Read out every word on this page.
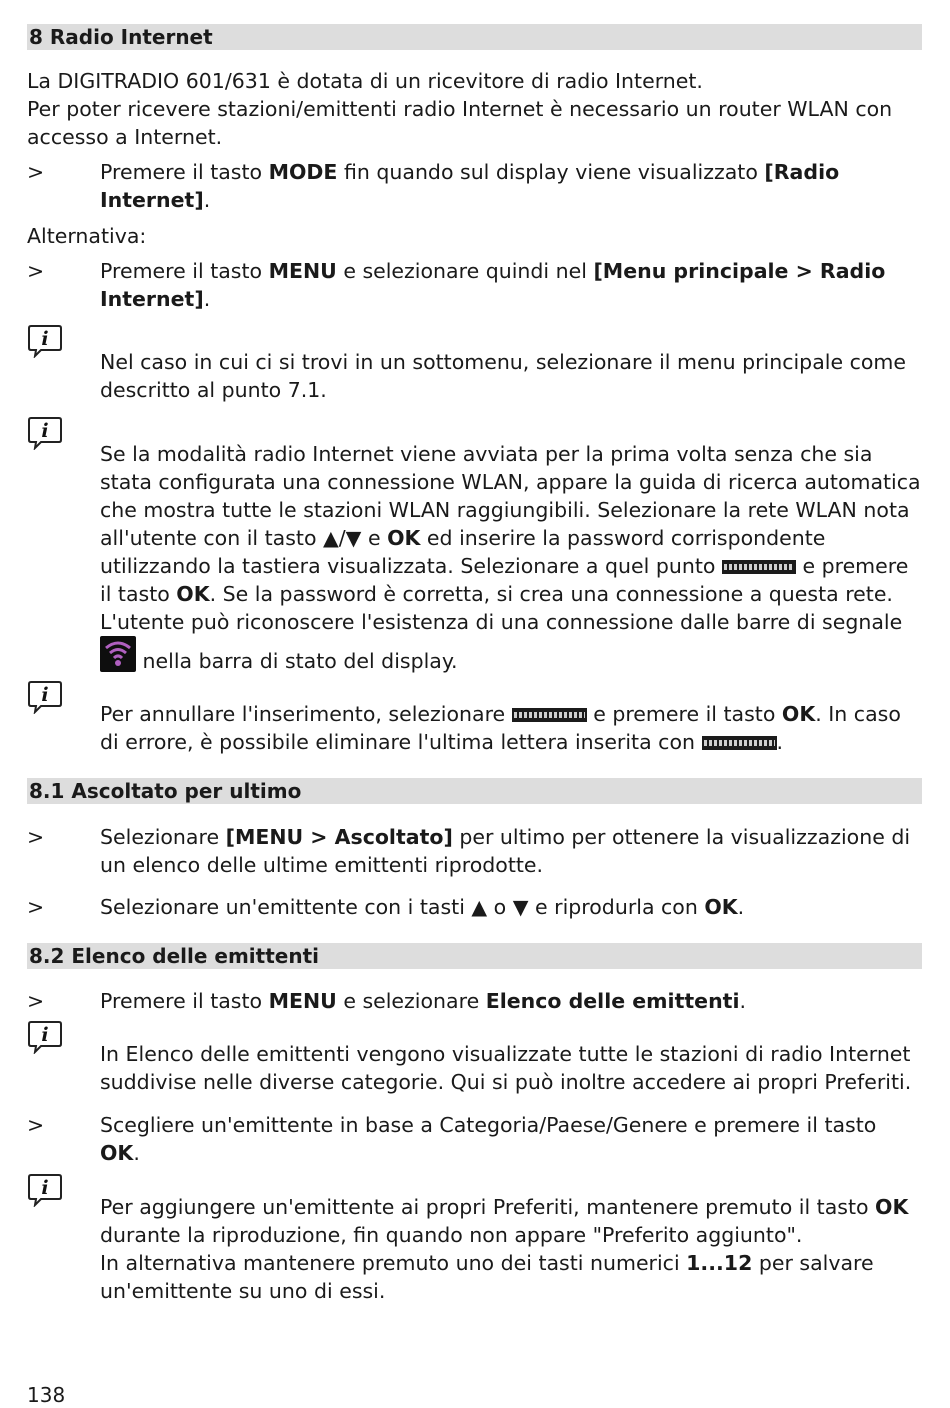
8 Radio Internet
La DIGITRADIO 601/631 è dotata di un ricevitore di radio Internet.
Per poter ricevere stazioni/emittenti radio Internet è necessario un router WLAN con accesso a Internet.
>	Premere il tasto MODE fin quando sul display viene visualizzato [Radio Internet].
Alternativa:
>	Premere il tasto MENU e selezionare quindi nel [Menu principale > Radio Internet].
i
Nel caso in cui ci si trovi in un sottomenu, selezionare il menu principale come descritto al punto 7.1.
i
Se la modalità radio Internet viene avviata per la prima volta senza che sia stata configurata una connessione WLAN, appare la guida di ricerca automatica che mostra tutte le stazioni WLAN raggiungibili. Selezionare la rete WLAN nota all'utente con il tasto ▲/▼ e OK ed inserire la password corrispondente utilizzando la tastiera visualizzata. Selezionare a quel punto	e premere il tasto OK. Se la password è corretta, si crea una connessione a questa rete. L'utente può riconoscere l'esistenza di una connessione dalle barre di segnale
nella barra di stato del display.
i
Per annullare l'inserimento, selezionare	e premere il tasto OK. In caso di errore, è possibile eliminare l'ultima lettera inserita con	.
8.1 Ascoltato per ultimo
>	Selezionare [MENU > Ascoltato] per ultimo per ottenere la visualizzazione di un elenco delle ultime emittenti riprodotte.
>	Selezionare un'emittente con i tasti ▲ o ▼ e riprodurla con OK.
8.2 Elenco delle emittenti
>	Premere il tasto MENU e selezionare Elenco delle emittenti.
i
In Elenco delle emittenti vengono visualizzate tutte le stazioni di radio Internet suddivise nelle diverse categorie. Qui si può inoltre accedere ai propri Preferiti.
>	Scegliere un'emittente in base a Categoria/Paese/Genere e premere il tasto OK.
i
Per aggiungere un'emittente ai propri Preferiti, mantenere premuto il tasto OK durante la riproduzione, fin quando non appare "Preferito aggiunto".
In alternativa mantenere premuto uno dei tasti numerici 1...12 per salvare un'emittente su uno di essi.
138
